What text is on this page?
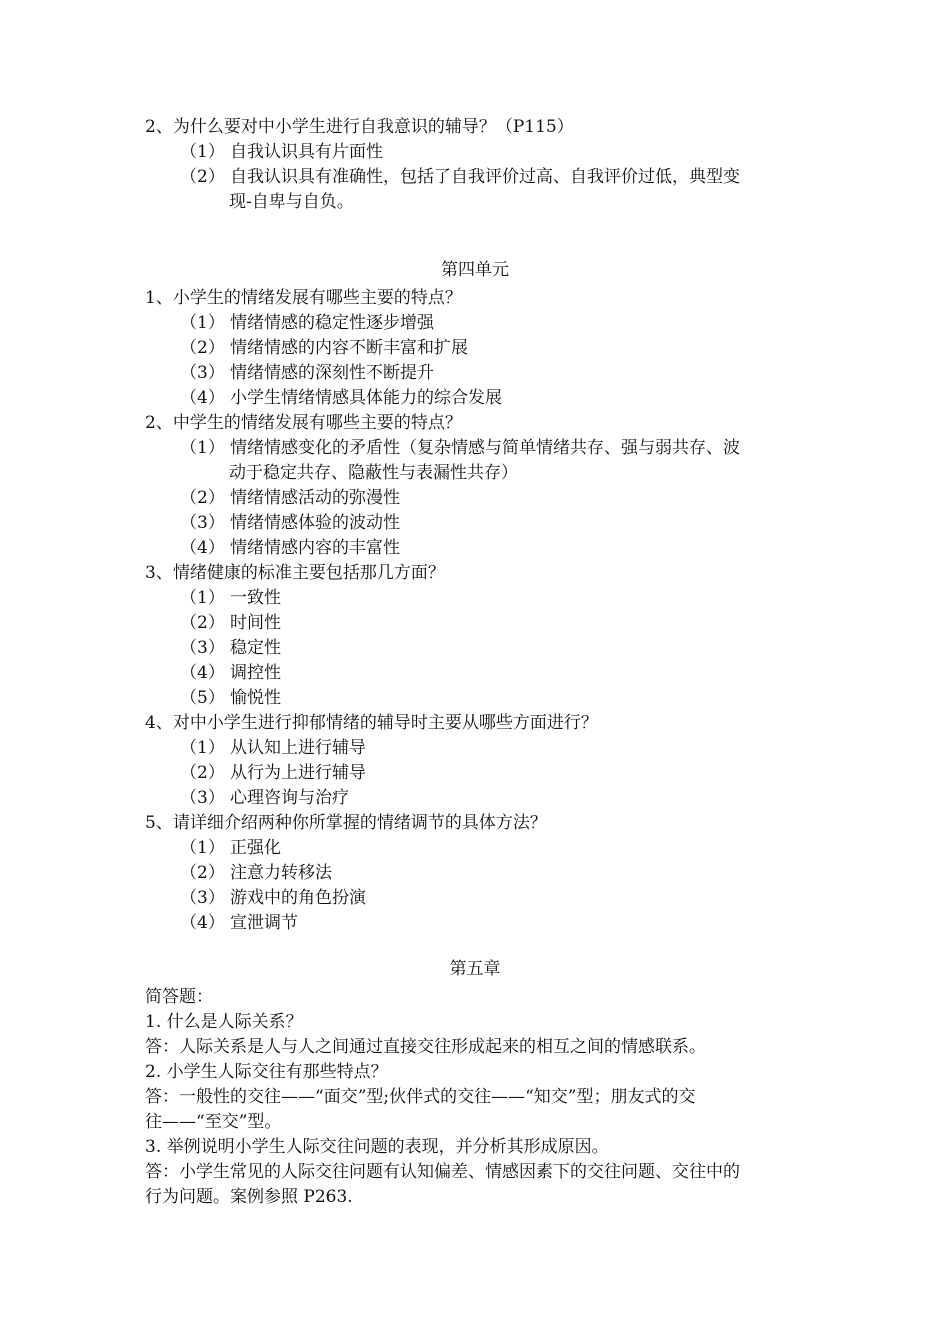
2、为什么要对中小学生进行自我意识的辅导？（P115）
（1） 自我认识具有片面性
（2） 自我认识具有准确性，包括了自我评价过高、自我评价过低，典型变
现-自卑与自负。
第四单元
1、小学生的情绪发展有哪些主要的特点？
（1） 情绪情感的稳定性逐步增强
（2） 情绪情感的内容不断丰富和扩展
（3） 情绪情感的深刻性不断提升
（4） 小学生情绪情感具体能力的综合发展
2、中学生的情绪发展有哪些主要的特点？
（1） 情绪情感变化的矛盾性（复杂情感与简单情绪共存、强与弱共存、波
动于稳定共存、隐蔽性与表漏性共存）
（2） 情绪情感活动的弥漫性
（3） 情绪情感体验的波动性
（4） 情绪情感内容的丰富性
3、情绪健康的标准主要包括那几方面？
（1） 一致性
（2） 时间性
（3） 稳定性
（4） 调控性
（5） 愉悦性
4、对中小学生进行抑郁情绪的辅导时主要从哪些方面进行？
（1） 从认知上进行辅导
（2） 从行为上进行辅导
（3） 心理咨询与治疗
5、请详细介绍两种你所掌握的情绪调节的具体方法？
（1） 正强化
（2） 注意力转移法
（3） 游戏中的角色扮演
（4） 宣泄调节
第五章
简答题：
1. 什么是人际关系？
答：人际关系是人与人之间通过直接交往形成起来的相互之间的情感联系。
2. 小学生人际交往有那些特点？
答：一般性的交往——“面交”型;伙伴式的交往——“知交”型；朋友式的交
往——“至交”型。
3. 举例说明小学生人际交往问题的表现，并分析其形成原因。
答：小学生常见的人际交往问题有认知偏差、情感因素下的交往问题、交往中的
行为问题。案例参照 P263.
